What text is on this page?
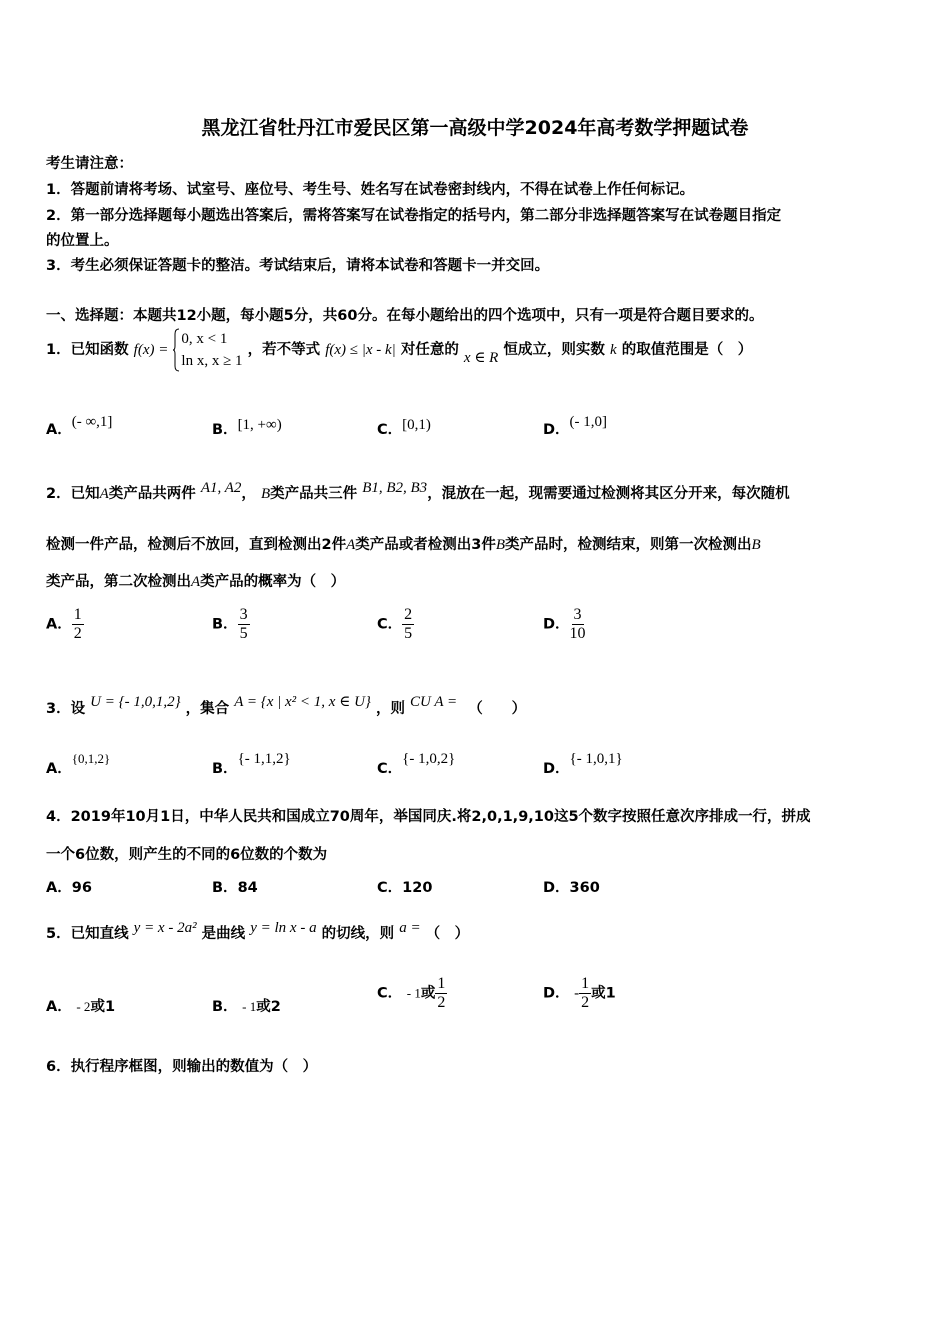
黑龙江省牡丹江市爱民区第一高级中学2024年高考数学押题试卷
考生请注意：
1．答题前请将考场、试室号、座位号、考生号、姓名写在试卷密封线内，不得在试卷上作任何标记。
2．第一部分选择题每小题选出答案后，需将答案写在试卷指定的括号内，第二部分非选择题答案写在试卷题目指定
的位置上。
3．考生必须保证答题卡的整洁。考试结束后，请将本试卷和答题卡一并交回。
一、选择题：本题共12小题，每小题5分，共60分。在每小题给出的四个选项中，只有一项是符合题目要求的。
1．已知函数 f(x) =
0, x < 1
ln x, x ≥ 1
，若不等式 f(x) ≤ |x - k| 对任意的 x ∈ R 恒成立，则实数 k 的取值范围是（　）
A．(- ∞,1]	B．[1, +∞)	C．[0,1)	D．(- 1,0]
2．已知A类产品共两件 A1, A2， B类产品共三件 B1, B2, B3，混放在一起，现需要通过检测将其区分开来，每次随机
检测一件产品，检测后不放回，直到检测出2件A类产品或者检测出3件B类产品时，检测结束，则第一次检测出B
类产品，第二次检测出A类产品的概率为（　）
A． $\frac{1}{2}$	B． $\frac{3}{5}$	C． $\frac{2}{5}$	D． $\frac{3}{10}$
3．设 U = {- 1,0,1,2} ，集合 A = {x | x² < 1, x ∈ U} ，则 CU A = （　　）
A．{0,1,2}
B．{- 1,1,2}
C．{- 1,0,2}
D．{- 1,0,1}
4．2019年10月1日，中华人民共和国成立70周年，举国同庆.将2,0,1,9,10这5个数字按照任意次序排成一行，拼成
一个6位数，则产生的不同的6位数的个数为
A．96	B．84	C．120	D．360
5．已知直线 y = x - 2a² 是曲线 y = ln x - a 的切线，则 a = （　）
A． - 2或1	B． - 1或2
C． - 1或 $\frac{1}{2}$	D． - $\frac{1}{2}$ 或1
6．执行程序框图，则输出的数值为（　）
